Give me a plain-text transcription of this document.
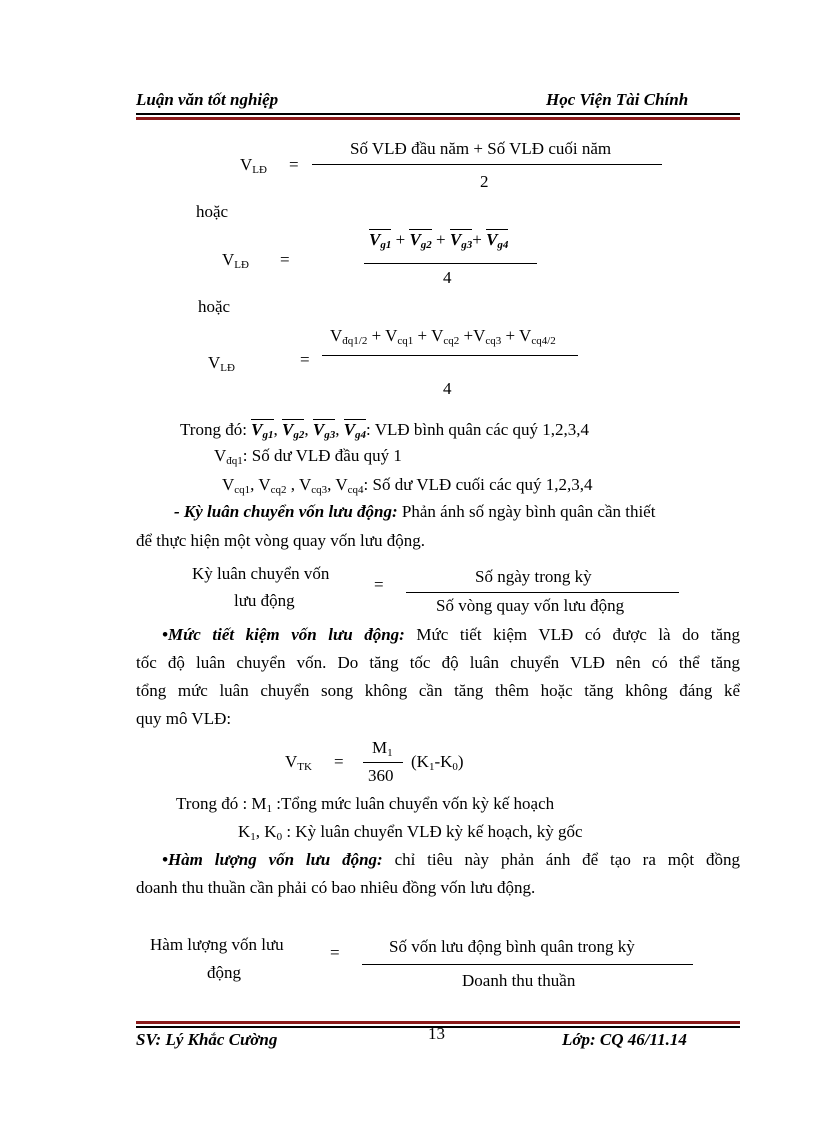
Luận văn tốt nghiệp	Học Viện Tài Chính
$V_{LĐ}$ =
Số VLĐ đầu năm + Số VLĐ cuối năm
2
hoặc
$V_{LĐ}$ =
$V_{g1} + V_{g2} + V_{g3}+ V_{g4}$
4
hoặc
$V_{LĐ}$	=
$V_{đq1/2} + V_{cq1} + V_{cq2} +V_{cq3} + V_{cq4/2}$
4
Trong đó: $V_{g1}$, $V_{g2}$, $V_{g3}$, $V_{g4}$: VLĐ bình quân các quý 1,2,3,4
$V_{đq1}$: Số dư VLĐ đầu quý 1
$V_{cq1}$, $V_{cq2}$ , $V_{cq3}$, $V_{cq4}$: Số dư VLĐ cuối các quý 1,2,3,4
- Kỳ luân chuyển vốn lưu động: Phản ánh số ngày bình quân cần thiết
để thực hiện một vòng quay vốn lưu động.
Kỳ luân chuyển vốn
lưu động
=	Số ngày trong kỳ
Số vòng quay vốn lưu động
•Mức tiết kiệm vốn lưu động: Mức tiết kiệm VLĐ có được là do tăng
tốc độ luân chuyển vốn. Do tăng tốc độ luân chuyển VLĐ nên có thể tăng
tổng mức luân chuyển song không cần tăng thêm hoặc tăng không đáng kể
quy mô VLĐ:
$V_{TK}$ =
$M_1$
360
$(K_1-K_0)$
Trong đó : $M_1$ :Tổng mức luân chuyển vốn kỳ kế hoạch
$K_1$, $K_0$ : Kỳ luân chuyển VLĐ kỳ kế hoạch, kỳ gốc
•Hàm lượng vốn lưu động: chỉ tiêu này phản ánh để tạo ra một đồng
doanh thu thuần cần phải có bao nhiêu đồng vốn lưu động.
Hàm lượng vốn lưu
động
=	Số vốn lưu động bình quân trong kỳ
Doanh thu thuần
SV: Lý Khắc Cường	13	Lớp: CQ 46/11.14
